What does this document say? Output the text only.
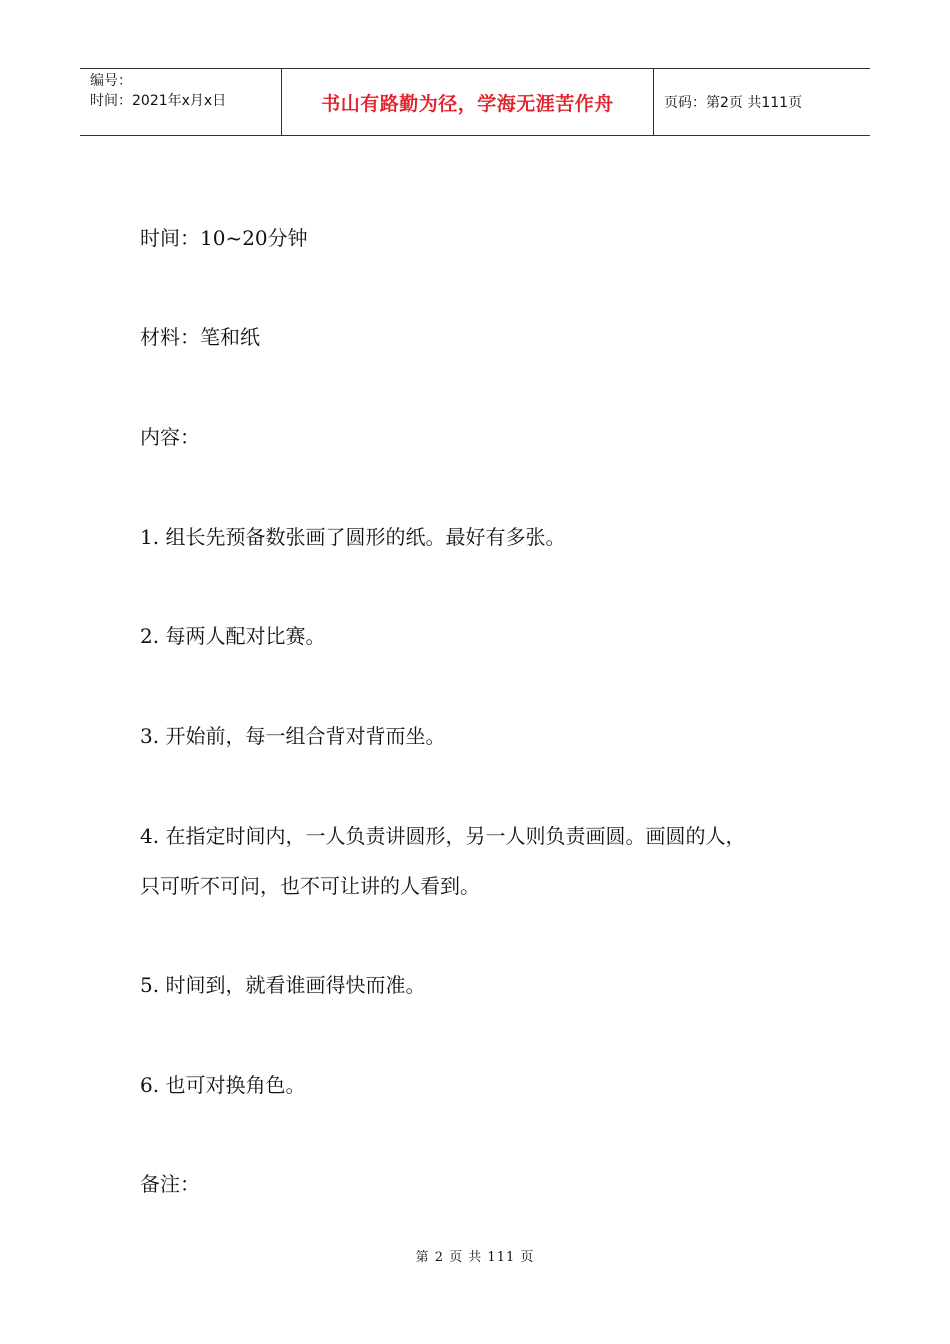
编号：
时间：2021年x月x日	书山有路勤为径，学海无涯苦作舟	页码：第2页 共111页
时间：10~20分钟
材料：笔和纸
内容：
1. 组长先预备数张画了圆形的纸。最好有多张。
2. 每两人配对比赛。
3. 开始前，每一组合背对背而坐。
4. 在指定时间内，一人负责讲圆形，另一人则负责画圆。画圆的人，
只可听不可问，也不可让讲的人看到。
5. 时间到，就看谁画得快而准。
6. 也可对换角色。
备注：
第 2 页 共 111 页
